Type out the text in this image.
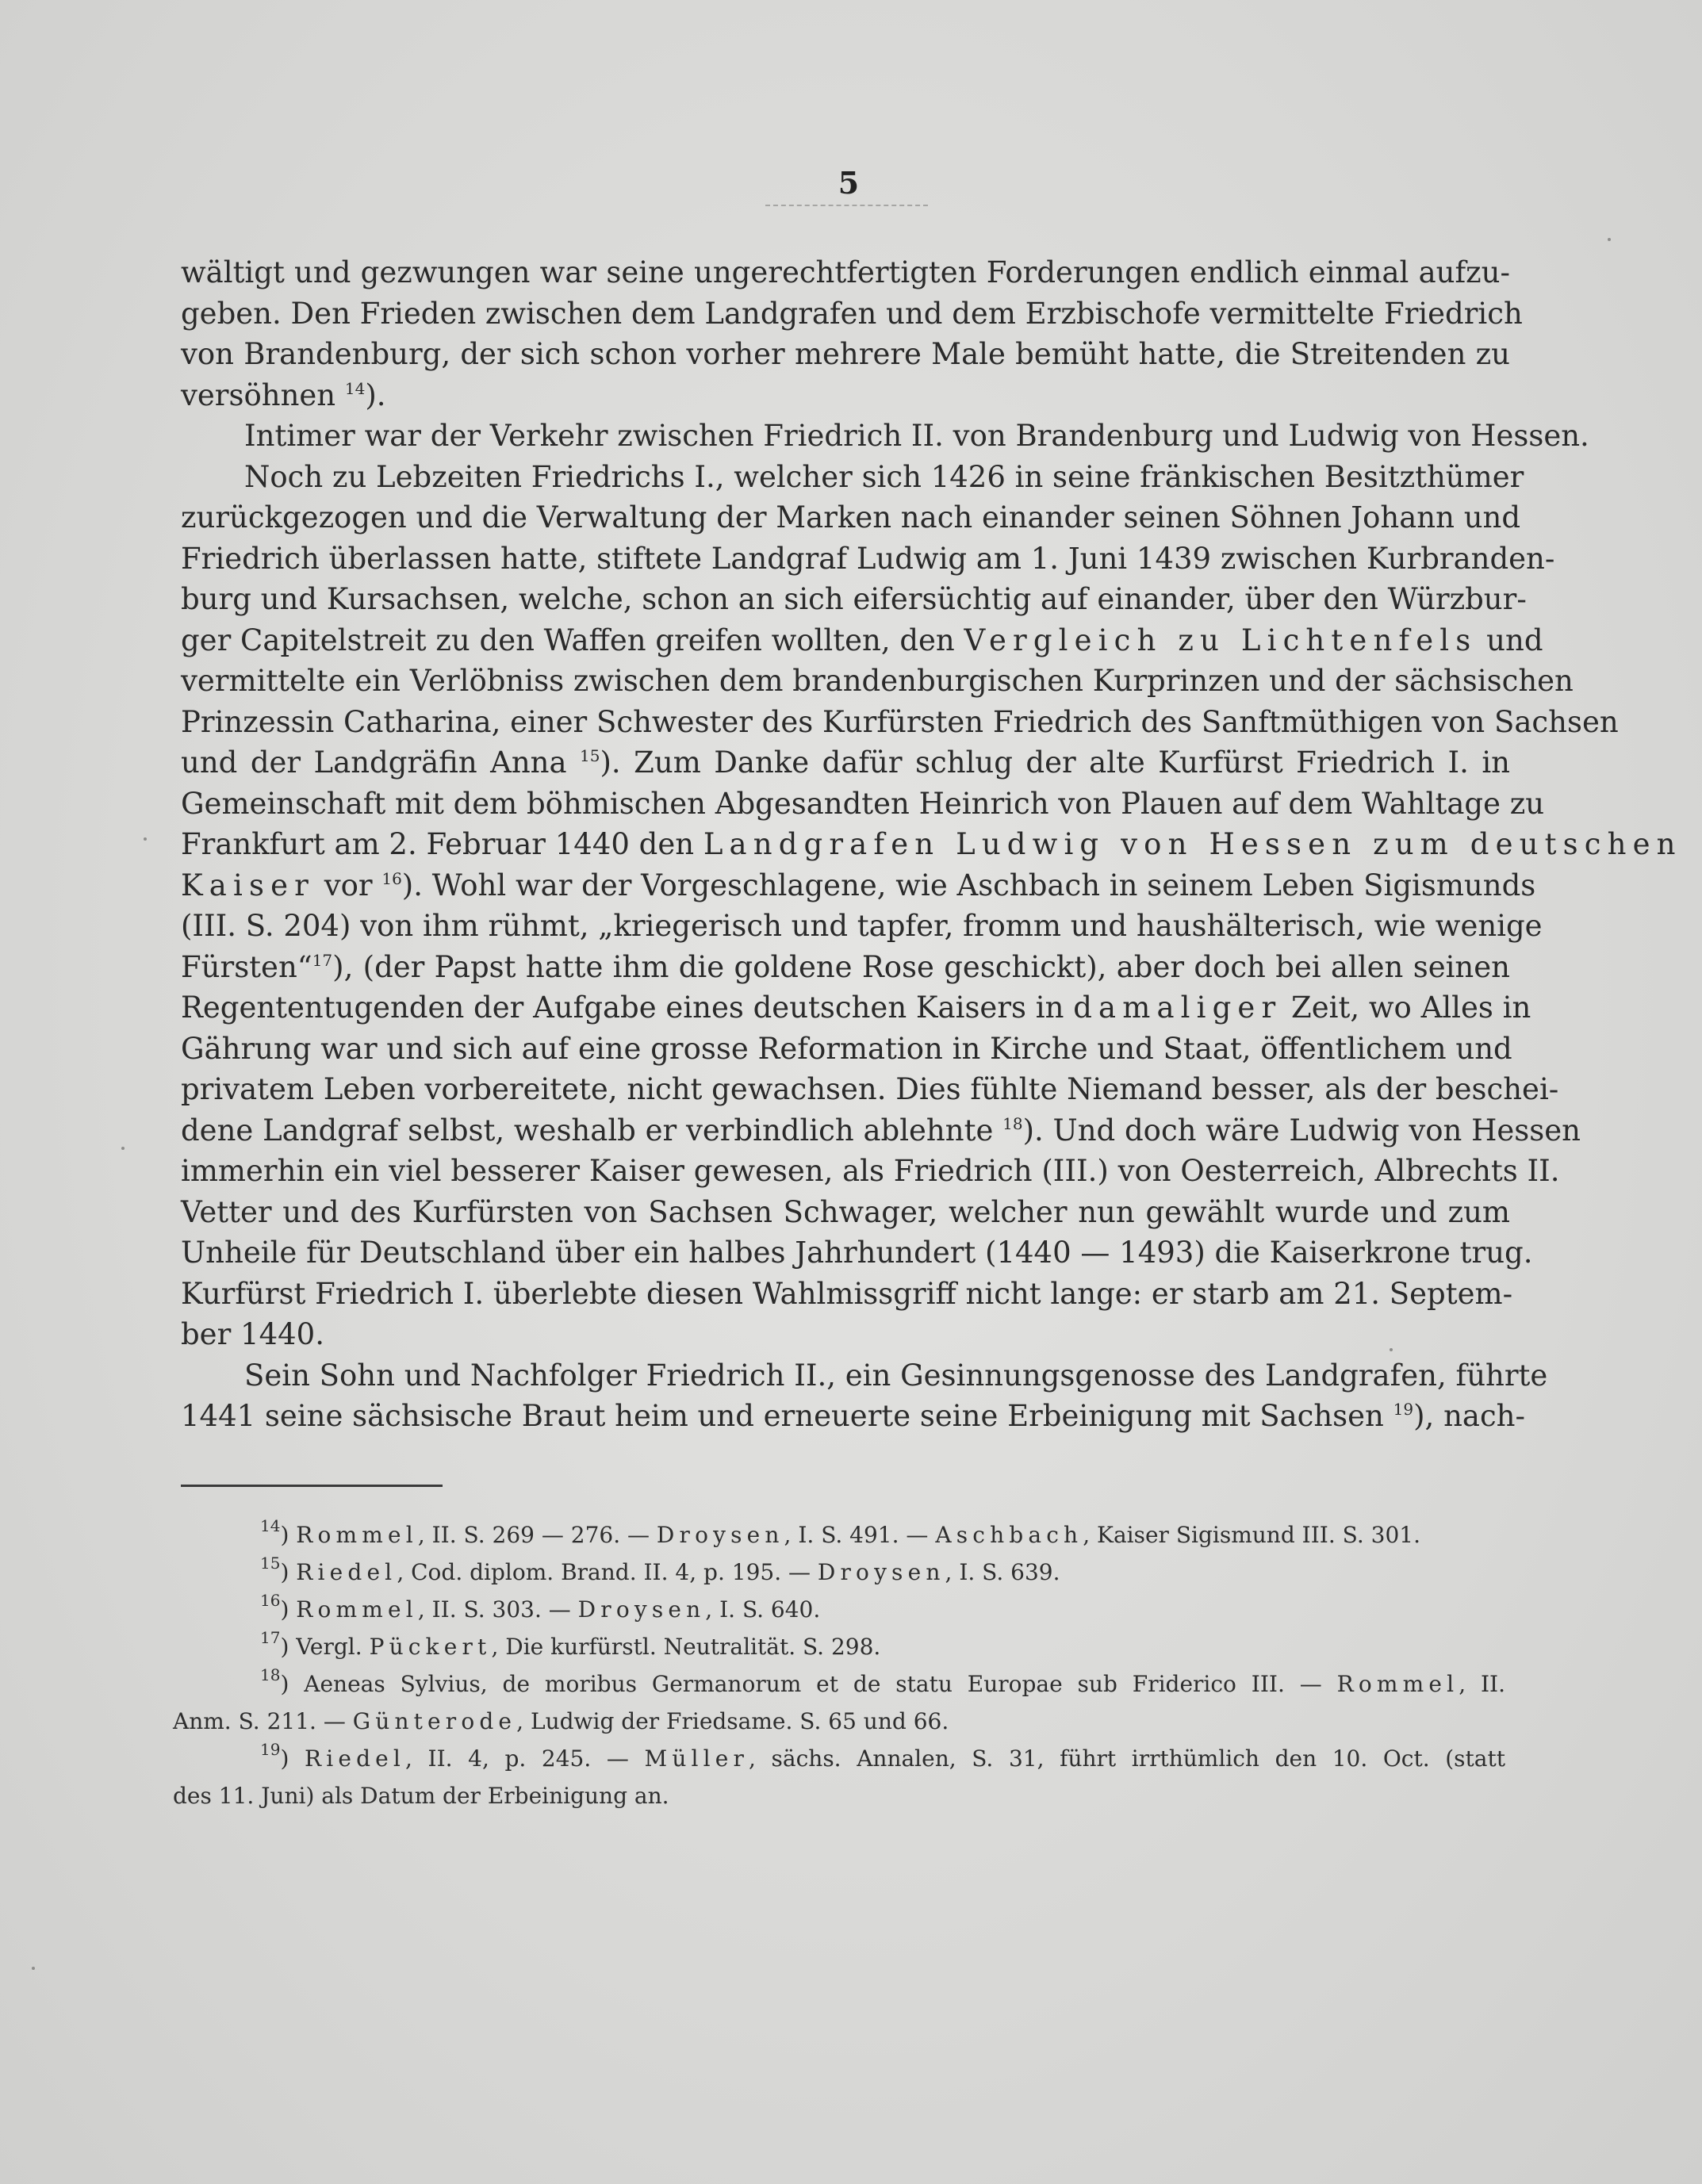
5
wältigt und gezwungen war seine ungerechtfertigten Forderungen endlich einmal aufzu-
geben. Den Frieden zwischen dem Landgrafen und dem Erzbischofe vermittelte Friedrich
von Brandenburg, der sich schon vorher mehrere Male bemüht hatte, die Streitenden zu
versöhnen $^{14}$).
Intimer war der Verkehr zwischen Friedrich II. von Brandenburg und Ludwig von Hessen.
Noch zu Lebzeiten Friedrichs I., welcher sich 1426 in seine fränkischen Besitzthümer
zurückgezogen und die Verwaltung der Marken nach einander seinen Söhnen Johann und
Friedrich überlassen hatte, stiftete Landgraf Ludwig am 1. Juni 1439 zwischen Kurbranden-
burg und Kursachsen, welche, schon an sich eifersüchtig auf einander, über den Würzbur-
ger Capitelstreit zu den Waffen greifen wollten, den Vergleich zu Lichtenfels und
vermittelte ein Verlöbniss zwischen dem brandenburgischen Kurprinzen und der sächsischen
Prinzessin Catharina, einer Schwester des Kurfürsten Friedrich des Sanftmüthigen von Sachsen
und der Landgräfin Anna $^{15}$). Zum Danke dafür schlug der alte Kurfürst Friedrich I. in
Gemeinschaft mit dem böhmischen Abgesandten Heinrich von Plauen auf dem Wahltage zu
Frankfurt am 2. Februar 1440 den Landgrafen Ludwig von Hessen zum deutschen
Kaiser vor $^{16}$). Wohl war der Vorgeschlagene, wie Aschbach in seinem Leben Sigismunds
(III. S. 204) von ihm rühmt, „kriegerisch und tapfer, fromm und haushälterisch, wie wenige
Fürsten“$^{17}$), (der Papst hatte ihm die goldene Rose geschickt), aber doch bei allen seinen
Regententugenden der Aufgabe eines deutschen Kaisers in damaliger Zeit, wo Alles in
Gährung war und sich auf eine grosse Reformation in Kirche und Staat, öffentlichem und
privatem Leben vorbereitete, nicht gewachsen. Dies fühlte Niemand besser, als der beschei-
dene Landgraf selbst, weshalb er verbindlich ablehnte $^{18}$). Und doch wäre Ludwig von Hessen
immerhin ein viel besserer Kaiser gewesen, als Friedrich (III.) von Oesterreich, Albrechts II.
Vetter und des Kurfürsten von Sachsen Schwager, welcher nun gewählt wurde und zum
Unheile für Deutschland über ein halbes Jahrhundert (1440 — 1493) die Kaiserkrone trug.
Kurfürst Friedrich I. überlebte diesen Wahlmissgriff nicht lange: er starb am 21. Septem-
ber 1440.
Sein Sohn und Nachfolger Friedrich II., ein Gesinnungsgenosse des Landgrafen, führte
1441 seine sächsische Braut heim und erneuerte seine Erbeinigung mit Sachsen $^{19}$), nach-
$^{14}$) Rommel, II. S. 269 — 276. — Droysen, I. S. 491. — Aschbach, Kaiser Sigismund III. S. 301.
$^{15}$) Riedel, Cod. diplom. Brand. II. 4, p. 195. — Droysen, I. S. 639.
$^{16}$) Rommel, II. S. 303. — Droysen, I. S. 640.
$^{17}$) Vergl. Pückert, Die kurfürstl. Neutralität. S. 298.
$^{18}$) Aeneas Sylvius, de moribus Germanorum et de statu Europae sub Friderico III. — Rommel, II.
Anm. S. 211. — Günterode, Ludwig der Friedsame. S. 65 und 66.
$^{19}$) Riedel, II. 4, p. 245. — Müller, sächs. Annalen, S. 31, führt irrthümlich den 10. Oct. (statt
des 11. Juni) als Datum der Erbeinigung an.
